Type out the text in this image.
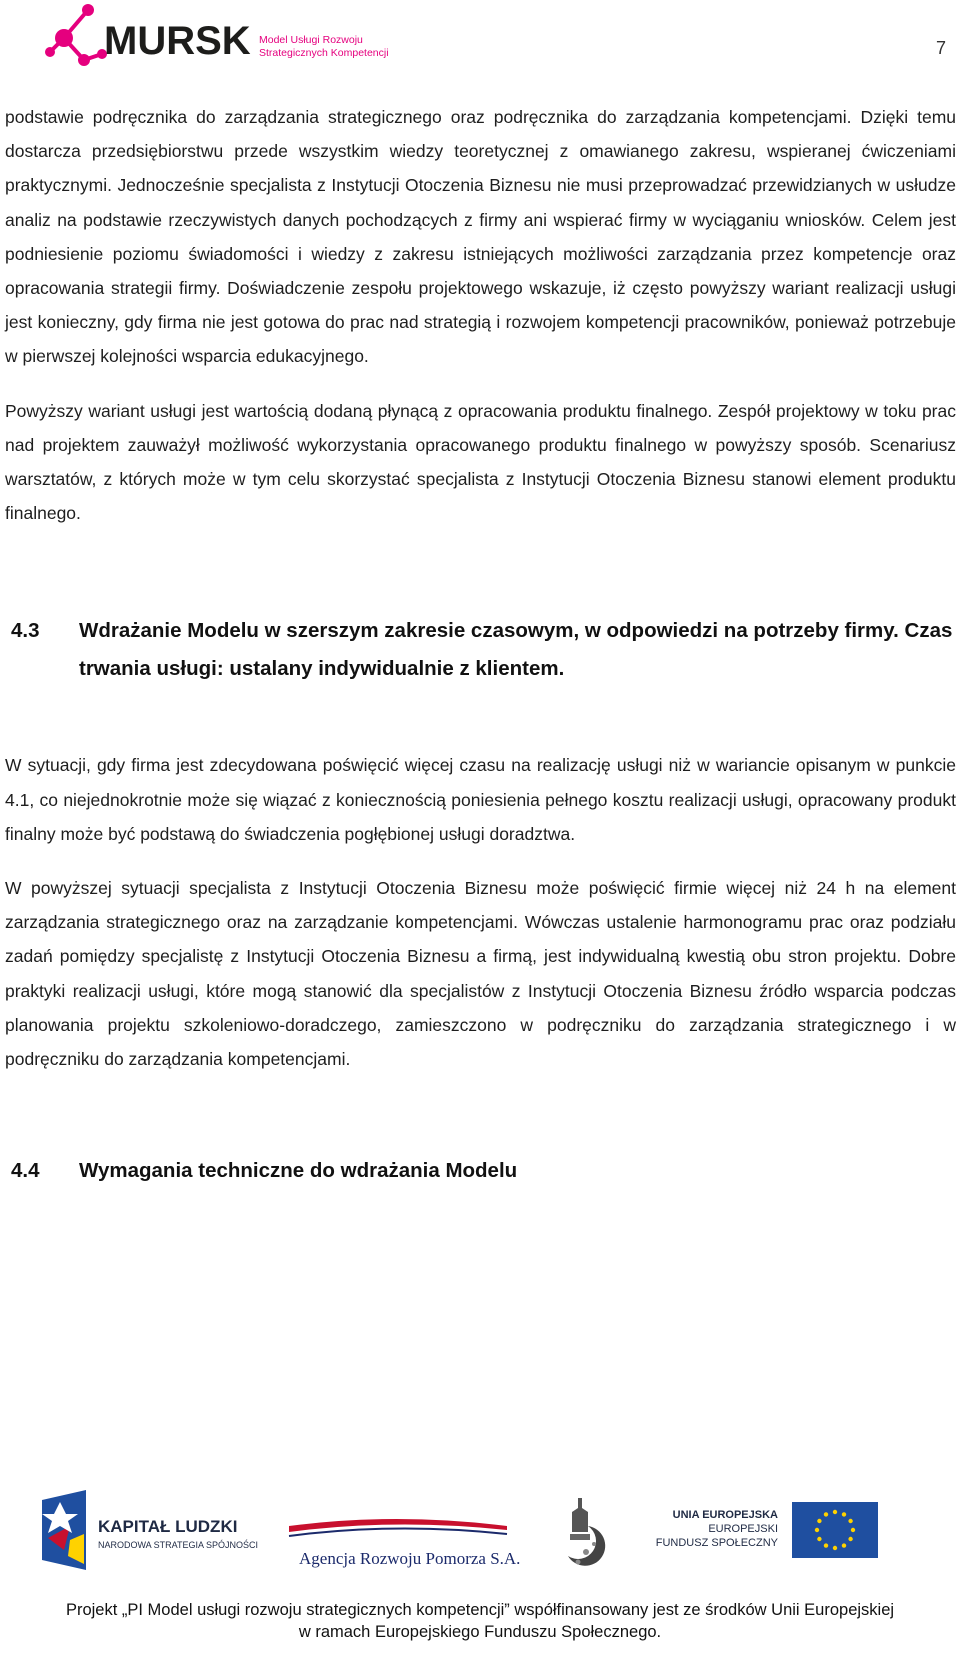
MURSK Model Usługi Rozwoju
Strategicznych Kompetencji	7

podstawie podręcznika do zarządzania strategicznego oraz podręcznika do zarządzania kompetencjami. Dzięki temu dostarcza przedsiębiorstwu przede wszystkim wiedzy teoretycznej z omawianego zakresu, wspieranej ćwiczeniami praktycznymi. Jednocześnie specjalista z Instytucji Otoczenia Biznesu nie musi przeprowadzać przewidzianych w usłudze analiz na podstawie rzeczywistych danych pochodzących z firmy ani wspierać firmy w wyciąganiu wniosków. Celem jest podniesienie poziomu świadomości i wiedzy z zakresu istniejących możliwości zarządzania przez kompetencje oraz opracowania strategii firmy. Doświadczenie zespołu projektowego wskazuje, iż często powyższy wariant realizacji usługi jest konieczny, gdy firma nie jest gotowa do prac nad strategią i rozwojem kompetencji pracowników, ponieważ potrzebuje w pierwszej kolejności wsparcia edukacyjnego.

Powyższy wariant usługi jest wartością dodaną płynącą z opracowania produktu finalnego. Zespół projektowy w toku prac nad projektem zauważył możliwość wykorzystania opracowanego produktu finalnego w powyższy sposób. Scenariusz warsztatów, z których może w tym celu skorzystać specjalista z Instytucji Otoczenia Biznesu stanowi element produktu finalnego.

4.3 Wdrażanie Modelu w szerszym zakresie czasowym, w odpowiedzi na potrzeby firmy. Czas trwania usługi: ustalany indywidualnie z klientem.

W sytuacji, gdy firma jest zdecydowana poświęcić więcej czasu na realizację usługi niż w wariancie opisanym w punkcie 4.1, co niejednokrotnie może się wiązać z koniecznością poniesienia pełnego kosztu realizacji usługi, opracowany produkt finalny może być podstawą do świadczenia pogłębionej usługi doradztwa.

W powyższej sytuacji specjalista z Instytucji Otoczenia Biznesu może poświęcić firmie więcej niż 24 h na element zarządzania strategicznego oraz na zarządzanie kompetencjami. Wówczas ustalenie harmonogramu prac oraz podziału zadań pomiędzy specjalistę z Instytucji Otoczenia Biznesu a firmą, jest indywidualną kwestią obu stron projektu. Dobre praktyki realizacji usługi, które mogą stanowić dla specjalistów z Instytucji Otoczenia Biznesu źródło wsparcia podczas planowania projektu szkoleniowo-doradczego, zamieszczono w podręczniku do zarządzania strategicznego i w podręczniku do zarządzania kompetencjami.

4.4 Wymagania techniczne do wdrażania Modelu
KAPITAŁ LUDZKI
NARODOWA STRATEGIA SPÓJNOŚCI
Agencja Rozwoju Pomorza S.A.
UNIA EUROPEJSKA
EUROPEJSKI
FUNDUSZ SPOŁECZNY
Projekt „PI Model usługi rozwoju strategicznych kompetencji” współfinansowany jest ze środków Unii Europejskiej
w ramach Europejskiego Funduszu Społecznego.
